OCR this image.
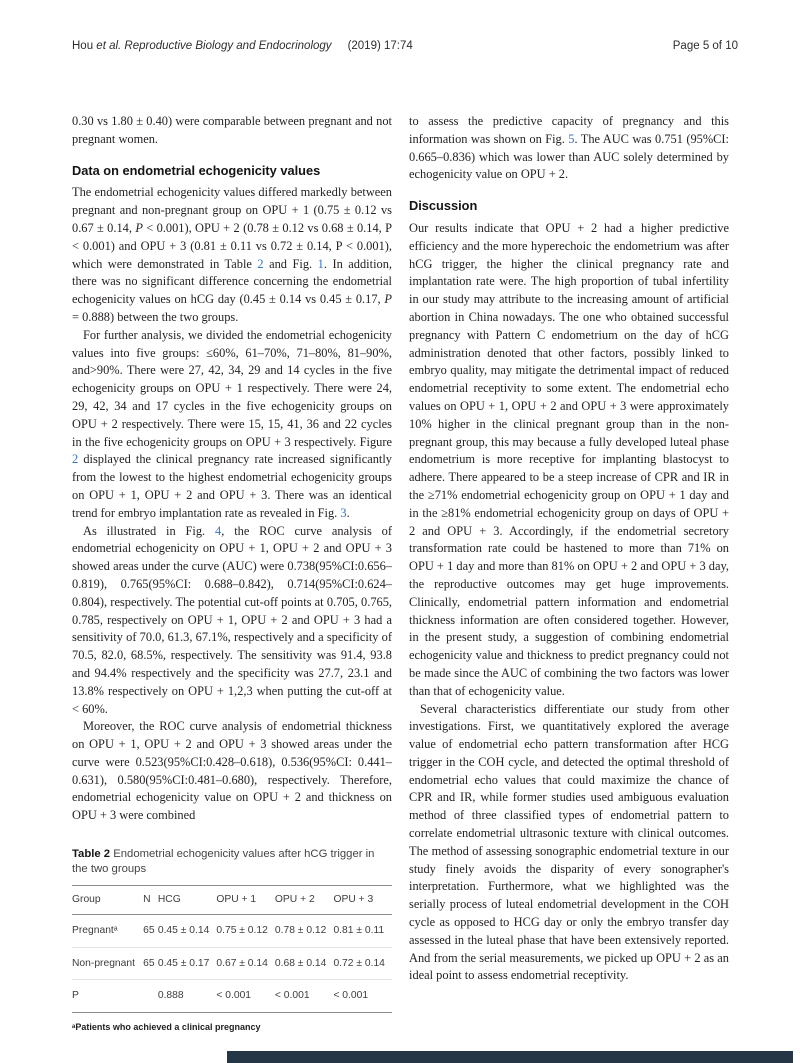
Hou et al. Reproductive Biology and Endocrinology (2019) 17:74	Page 5 of 10

0.30 vs 1.80 ± 0.40) were comparable between pregnant and not pregnant women.

Data on endometrial echogenicity values

The endometrial echogenicity values differed markedly between pregnant and non-pregnant group on OPU + 1 (0.75 ± 0.12 vs 0.67 ± 0.14, P < 0.001), OPU + 2 (0.78 ± 0.12 vs 0.68 ± 0.14, P < 0.001) and OPU + 3 (0.81 ± 0.11 vs 0.72 ± 0.14, P < 0.001), which were demonstrated in Table 2 and Fig. 1. In addition, there was no significant difference concerning the endometrial echogenicity values on hCG day (0.45 ± 0.14 vs 0.45 ± 0.17, P = 0.888) between the two groups.

For further analysis, we divided the endometrial echogenicity values into five groups: ≤60%, 61–70%, 71–80%, 81–90%, and>90%. There were 27, 42, 34, 29 and 14 cycles in the five echogenicity groups on OPU + 1 respectively. There were 24, 29, 42, 34 and 17 cycles in the five echogenicity groups on OPU + 2 respectively. There were 15, 15, 41, 36 and 22 cycles in the five echogenicity groups on OPU + 3 respectively. Figure 2 displayed the clinical pregnancy rate increased significantly from the lowest to the highest endometrial echogenicity groups on OPU + 1, OPU + 2 and OPU + 3. There was an identical trend for embryo implantation rate as revealed in Fig. 3.

As illustrated in Fig. 4, the ROC curve analysis of endometrial echogenicity on OPU + 1, OPU + 2 and OPU + 3 showed areas under the curve (AUC) were 0.738(95%CI:0.656–0.819), 0.765(95%CI: 0.688–0.842), 0.714(95%CI:0.624–0.804), respectively. The potential cut-off points at 0.705, 0.765, 0.785, respectively on OPU + 1, OPU + 2 and OPU + 3 had a sensitivity of 70.0, 61.3, 67.1%, respectively and a specificity of 70.5, 82.0, 68.5%, respectively. The sensitivity was 91.4, 93.8 and 94.4% respectively and the specificity was 27.7, 23.1 and 13.8% respectively on OPU + 1,2,3 when putting the cut-off at < 60%.

Moreover, the ROC curve analysis of endometrial thickness on OPU + 1, OPU + 2 and OPU + 3 showed areas under the curve were 0.523(95%CI:0.428–0.618), 0.536(95%CI: 0.441–0.631), 0.580(95%CI:0.481–0.680), respectively. Therefore, endometrial echogenicity value on OPU + 2 and thickness on OPU + 3 were combined

Table 2 Endometrial echogenicity values after hCG trigger in the two groups
Group	N	HCG	OPU + 1	OPU + 2	OPU + 3
Pregnantᵃ	65	0.45 ± 0.14	0.75 ± 0.12	0.78 ± 0.12	0.81 ± 0.11
Non-pregnant	65	0.45 ± 0.17	0.67 ± 0.14	0.68 ± 0.14	0.72 ± 0.14
P		0.888	< 0.001	< 0.001	< 0.001
ᵃPatients who achieved a clinical pregnancy

to assess the predictive capacity of pregnancy and this information was shown on Fig. 5. The AUC was 0.751 (95%CI: 0.665–0.836) which was lower than AUC solely determined by echogenicity value on OPU + 2.

Discussion

Our results indicate that OPU + 2 had a higher predictive efficiency and the more hyperechoic the endometrium was after hCG trigger, the higher the clinical pregnancy rate and implantation rate were. The high proportion of tubal infertility in our study may attribute to the increasing amount of artificial abortion in China nowadays. The one who obtained successful pregnancy with Pattern C endometrium on the day of hCG administration denoted that other factors, possibly linked to embryo quality, may mitigate the detrimental impact of reduced endometrial receptivity to some extent. The endometrial echo values on OPU + 1, OPU + 2 and OPU + 3 were approximately 10% higher in the clinical pregnant group than in the non-pregnant group, this may because a fully developed luteal phase endometrium is more receptive for implanting blastocyst to adhere. There appeared to be a steep increase of CPR and IR in the ≥71% endometrial echogenicity group on OPU + 1 day and in the ≥81% endometrial echogenicity group on days of OPU + 2 and OPU + 3. Accordingly, if the endometrial secretory transformation rate could be hastened to more than 71% on OPU + 1 day and more than 81% on OPU + 2 and OPU + 3 day, the reproductive outcomes may get huge improvements. Clinically, endometrial pattern information and endometrial thickness information are often considered together. However, in the present study, a suggestion of combining endometrial echogenicity value and thickness to predict pregnancy could not be made since the AUC of combining the two factors was lower than that of echogenicity value.

Several characteristics differentiate our study from other investigations. First, we quantitatively explored the average value of endometrial echo pattern transformation after HCG trigger in the COH cycle, and detected the optimal threshold of endometrial echo values that could maximize the chance of CPR and IR, while former studies used ambiguous evaluation method of three classified types of endometrial pattern to correlate endometrial ultrasonic texture with clinical outcomes. The method of assessing sonographic endometrial texture in our study finely avoids the disparity of every sonographer's interpretation. Furthermore, what we highlighted was the serially process of luteal endometrial development in the COH cycle as opposed to HCG day or only the embryo transfer day assessed in the luteal phase that have been extensively reported. And from the serial measurements, we picked up OPU + 2 as an ideal point to assess endometrial receptivity.
